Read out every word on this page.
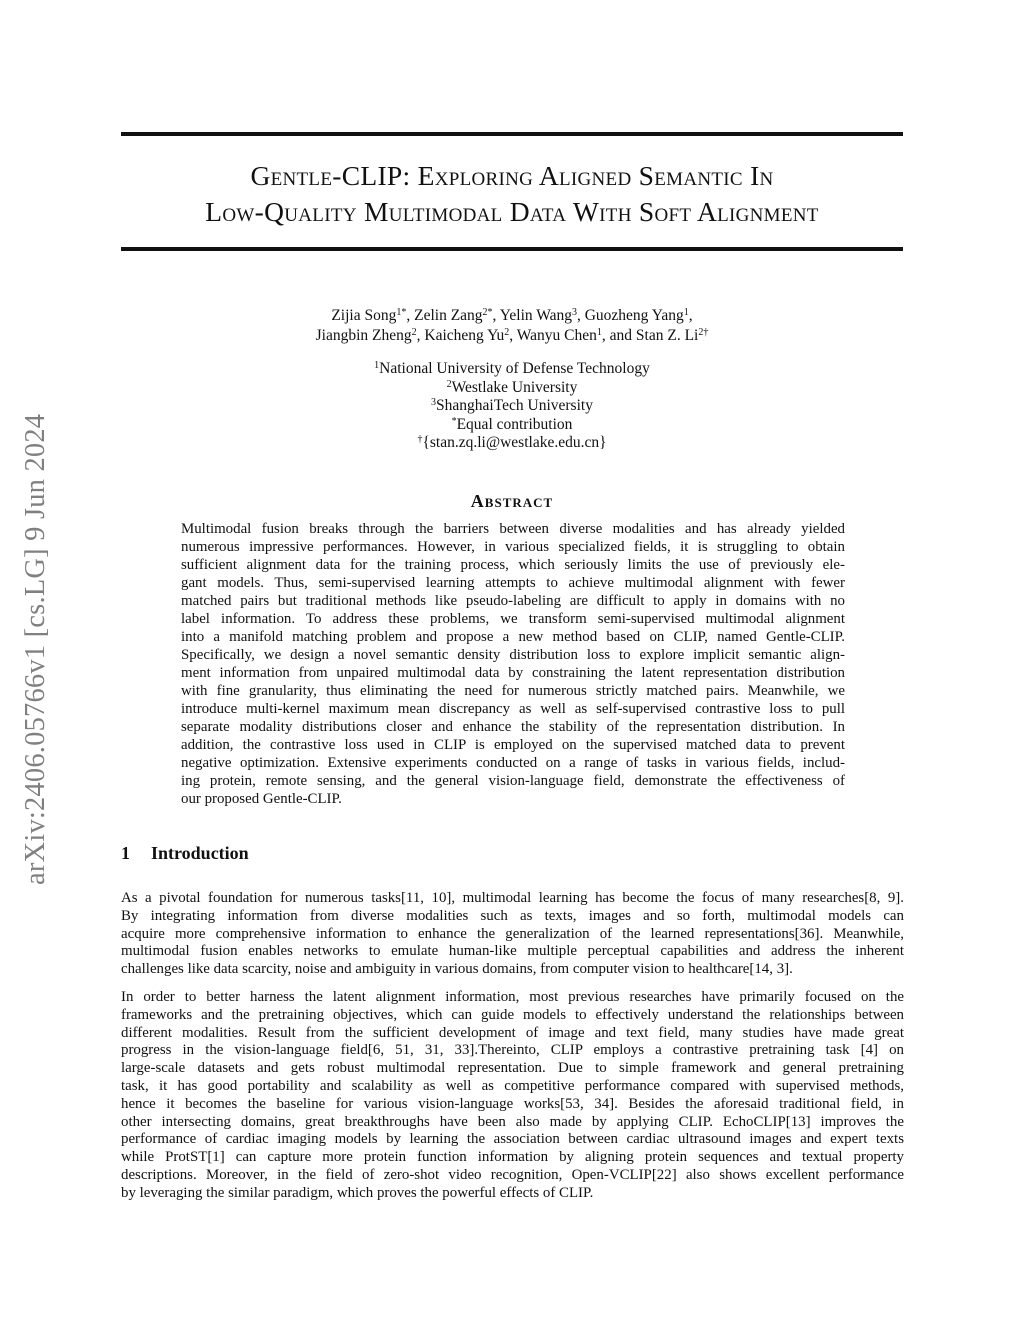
arXiv:2406.05766v1 [cs.LG] 9 Jun 2024
Gentle-CLIP: Exploring Aligned Semantic In
Low-Quality Multimodal Data With Soft Alignment
Zijia Song$^{1*}$, Zelin Zang$^{2*}$, Yelin Wang$^3$, Guozheng Yang$^1$,
Jiangbin Zheng$^2$, Kaicheng Yu$^2$, Wanyu Chen$^1$, and Stan Z. $Li^{2\dagger}$
$^1$National University of Defense Technology
$^2$Westlake University
$^3$ShanghaiTech University
*Equal contribution
†{stan.zq.li@westlake.edu.cn}
Abstract
Multimodal fusion breaks through the barriers between diverse modalities and has already yielded
numerous impressive performances. However, in various specialized fields, it is struggling to obtain
sufficient alignment data for the training process, which seriously limits the use of previously ele-
gant models. Thus, semi-supervised learning attempts to achieve multimodal alignment with fewer
matched pairs but traditional methods like pseudo-labeling are difficult to apply in domains with no
label information. To address these problems, we transform semi-supervised multimodal alignment
into a manifold matching problem and propose a new method based on CLIP, named Gentle-CLIP.
Specifically, we design a novel semantic density distribution loss to explore implicit semantic align-
ment information from unpaired multimodal data by constraining the latent representation distribution
with fine granularity, thus eliminating the need for numerous strictly matched pairs. Meanwhile, we
introduce multi-kernel maximum mean discrepancy as well as self-supervised contrastive loss to pull
separate modality distributions closer and enhance the stability of the representation distribution. In
addition, the contrastive loss used in CLIP is employed on the supervised matched data to prevent
negative optimization. Extensive experiments conducted on a range of tasks in various fields, includ-
ing protein, remote sensing, and the general vision-language field, demonstrate the effectiveness of
our proposed Gentle-CLIP.
1 Introduction
As a pivotal foundation for numerous tasks[11, 10], multimodal learning has become the focus of many researches[8, 9].
By integrating information from diverse modalities such as texts, images and so forth, multimodal models can
acquire more comprehensive information to enhance the generalization of the learned representations[36]. Meanwhile,
multimodal fusion enables networks to emulate human-like multiple perceptual capabilities and address the inherent
challenges like data scarcity, noise and ambiguity in various domains, from computer vision to healthcare[14, 3].
In order to better harness the latent alignment information, most previous researches have primarily focused on the
frameworks and the pretraining objectives, which can guide models to effectively understand the relationships between
different modalities. Result from the sufficient development of image and text field, many studies have made great
progress in the vision-language field[6, 51, 31, 33].Thereinto, CLIP employs a contrastive pretraining task [4] on
large-scale datasets and gets robust multimodal representation. Due to simple framework and general pretraining
task, it has good portability and scalability as well as competitive performance compared with supervised methods,
hence it becomes the baseline for various vision-language works[53, 34]. Besides the aforesaid traditional field, in
other intersecting domains, great breakthroughs have been also made by applying CLIP. EchoCLIP[13] improves the
performance of cardiac imaging models by learning the association between cardiac ultrasound images and expert texts
while ProtST[1] can capture more protein function information by aligning protein sequences and textual property
descriptions. Moreover, in the field of zero-shot video recognition, Open-VCLIP[22] also shows excellent performance
by leveraging the similar paradigm, which proves the powerful effects of CLIP.
